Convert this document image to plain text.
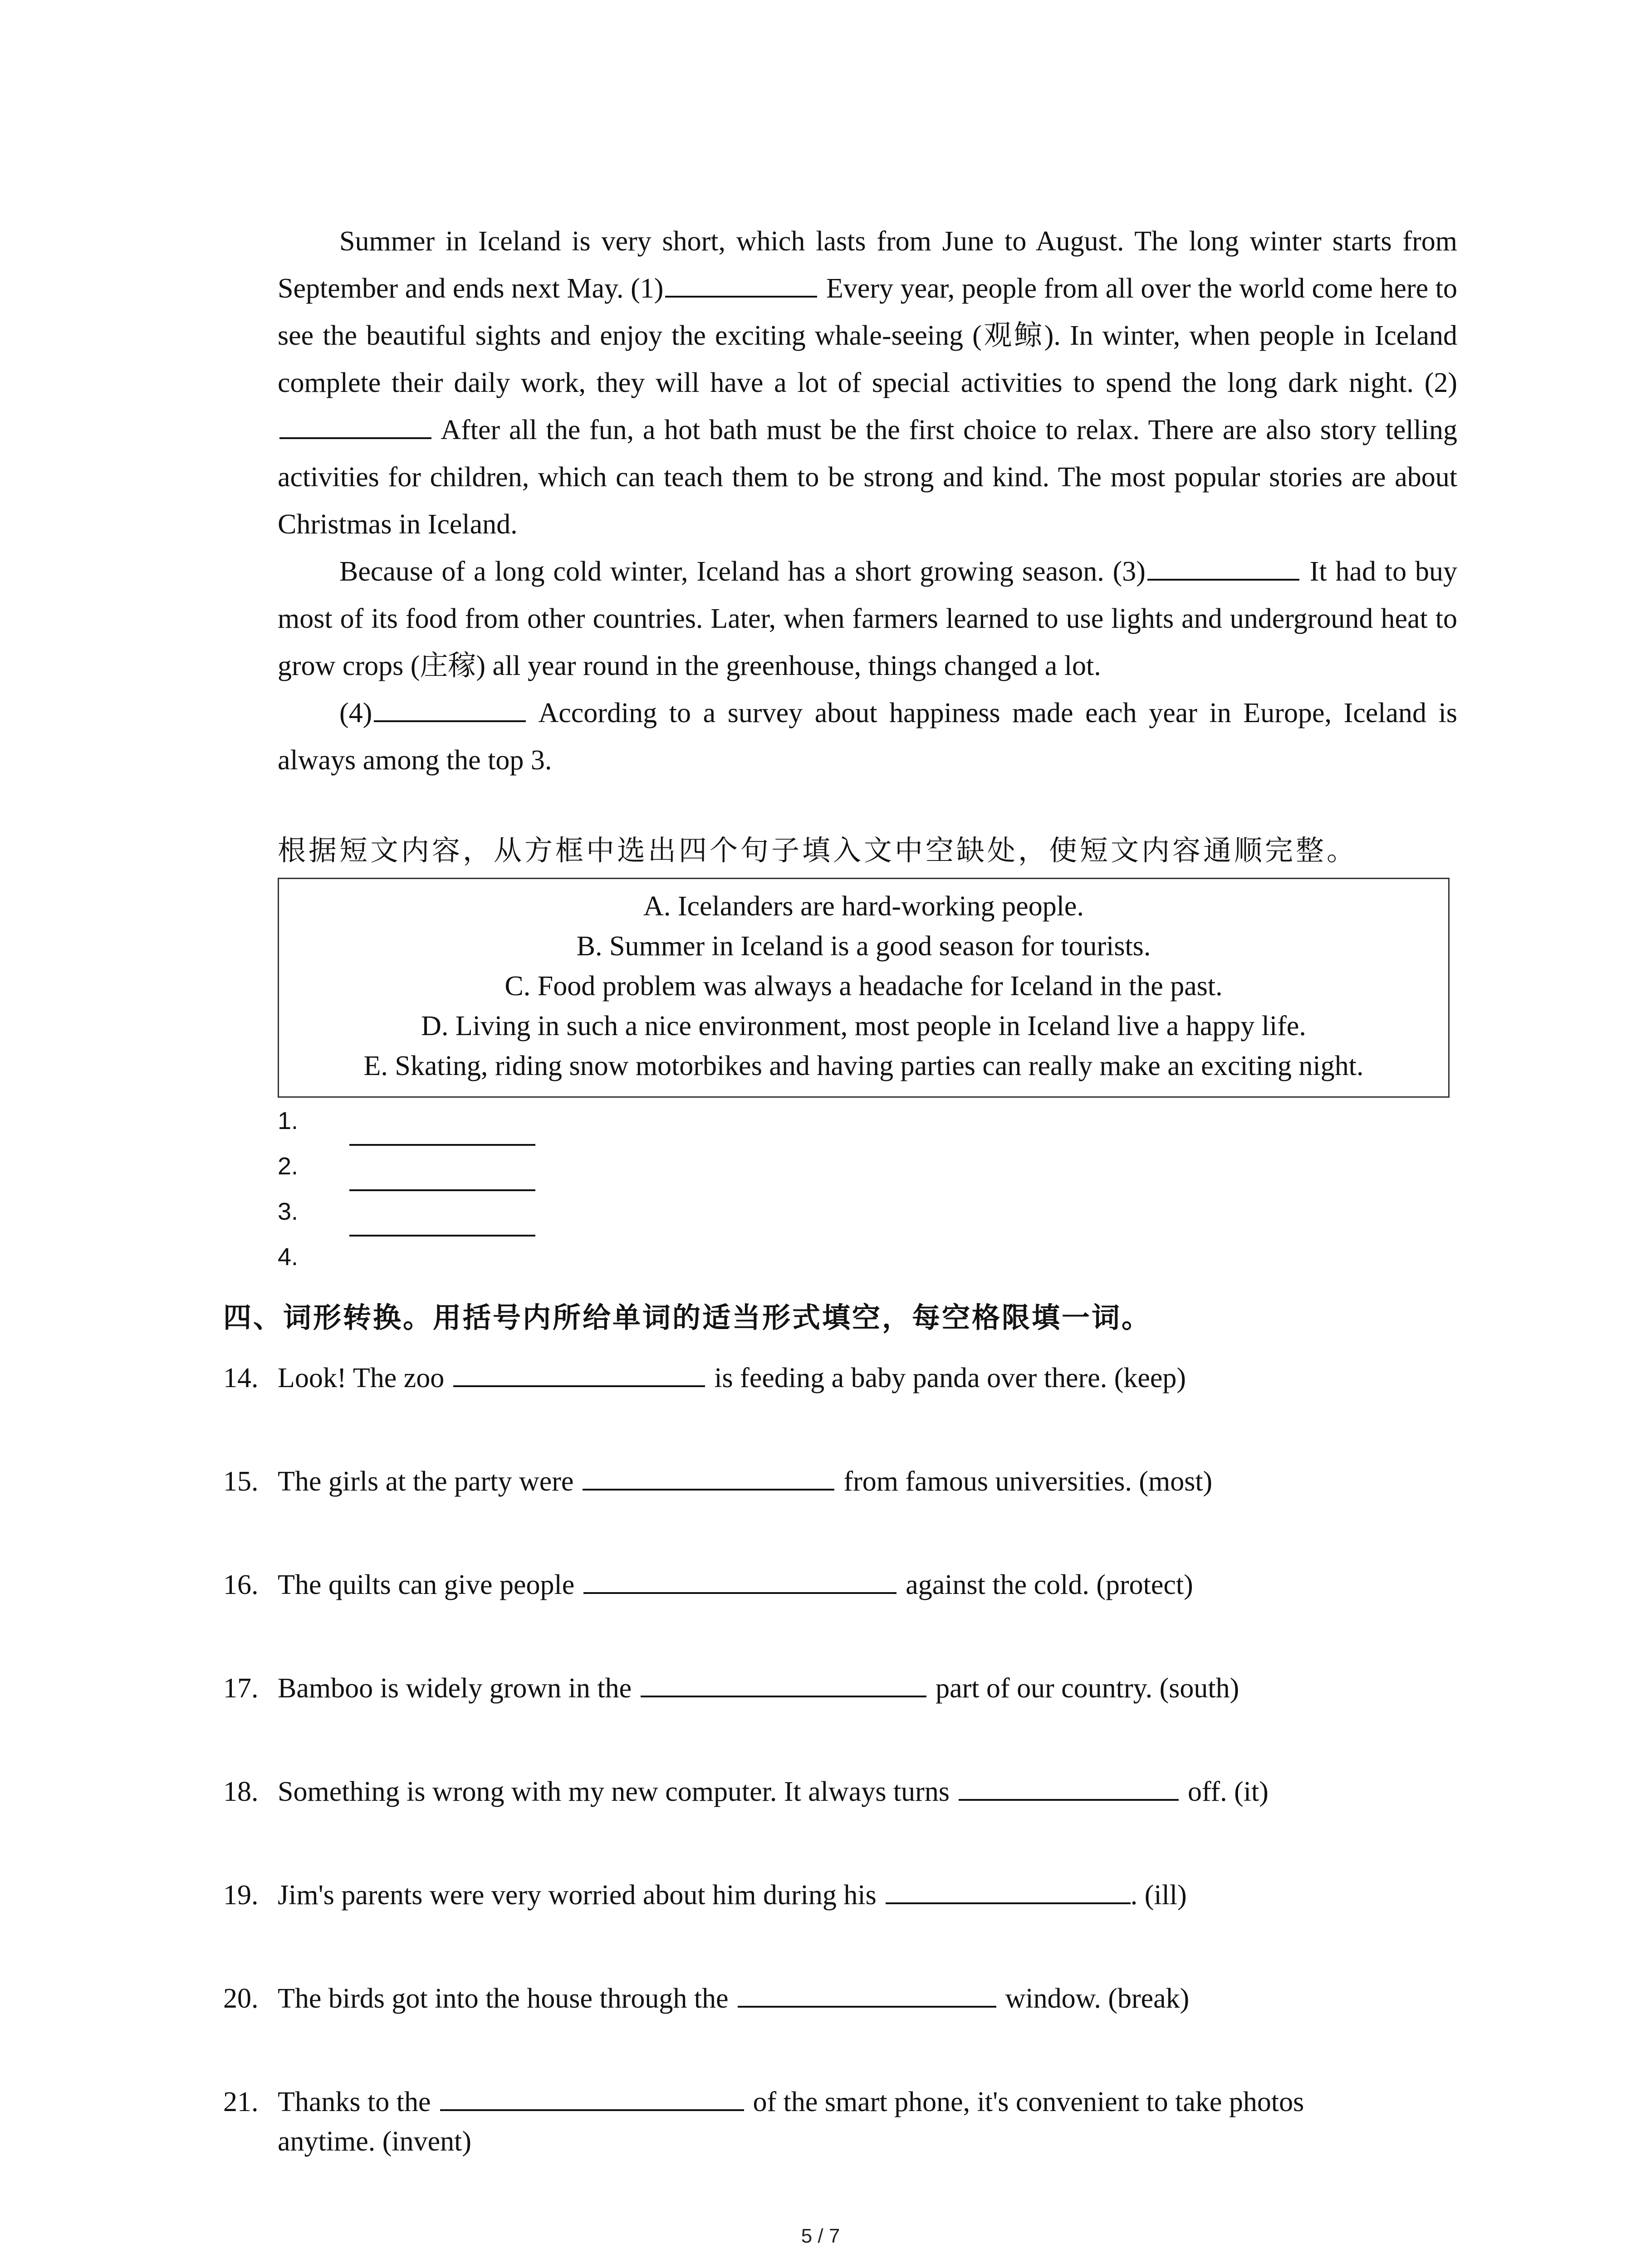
Summer in Iceland is very short, which lasts from June to August. The long winter starts from September and ends next May. (1)	Every year, people from all over the world come here to see the beautiful sights and enjoy the exciting whale-seeing (观鲸). In winter, when people in Iceland complete their daily work, they will have a lot of special activities to spend the long dark night. (2) After all the fun, a hot bath must be the first choice to relax. There are also story telling activities for children, which can teach them to be strong and kind. The most popular stories are about Christmas in Iceland.

Because of a long cold winter, Iceland has a short growing season. (3)	It had to buy most of its food from other countries. Later, when farmers learned to use lights and underground heat to grow crops (庄稼) all year round in the greenhouse, things changed a lot.

(4)	According to a survey about happiness made each year in Europe, Iceland is always among the top 3.

根据短文内容，从方框中选出四个句子填入文中空缺处，使短文内容通顺完整。
A. Icelanders are hard-working people.
B. Summer in Iceland is a good season for tourists.
C. Food problem was always a headache for Iceland in the past.
D. Living in such a nice environment, most people in Iceland live a happy life.
E. Skating, riding snow motorbikes and having parties can really make an exciting night.
1.
2.
3.
4.
四、词形转换。用括号内所给单词的适当形式填空，每空格限填一词。
14. Look! The zoo	is feeding a baby panda over there. (keep)
15. The girls at the party were	from famous universities. (most)
16. The quilts can give people	against the cold. (protect)
17. Bamboo is widely grown in the	part of our country. (south)
18. Something is wrong with my new computer. It always turns	off. (it)
19. Jim's parents were very worried about him during his	. (ill)
20. The birds got into the house through the	window. (break)
21. Thanks to the	of the smart phone, it's convenient to take photos
anytime. (invent)
5 / 7
